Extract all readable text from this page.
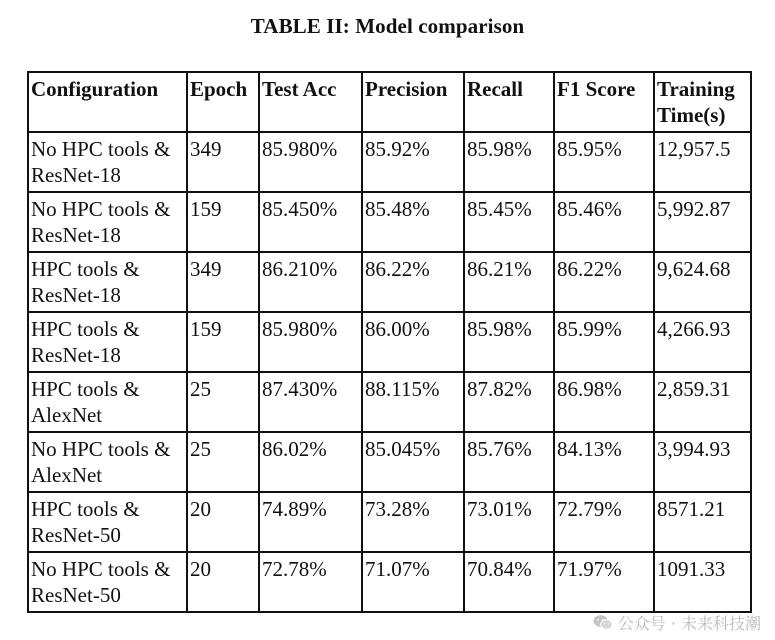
TABLE II: Model comparison
Configuration	Epoch	Test Acc	Precision	Recall	F1 Score	Training Time(s)
No HPC tools & ResNet-18	349	85.980%	85.92%	85.98%	85.95%	12,957.5
No HPC tools & ResNet-18	159	85.450%	85.48%	85.45%	85.46%	5,992.87
HPC tools & ResNet-18	349	86.210%	86.22%	86.21%	86.22%	9,624.68
HPC tools & ResNet-18	159	85.980%	86.00%	85.98%	85.99%	4,266.93
HPC tools & AlexNet	25	87.430%	88.115%	87.82%	86.98%	2,859.31
No HPC tools & AlexNet	25	86.02%	85.045%	85.76%	84.13%	3,994.93
HPC tools & ResNet-50	20	74.89%	73.28%	73.01%	72.79%	8571.21
No HPC tools & ResNet-50	20	72.78%	71.07%	70.84%	71.97%	1091.33
公众号 · 未来科技潮
